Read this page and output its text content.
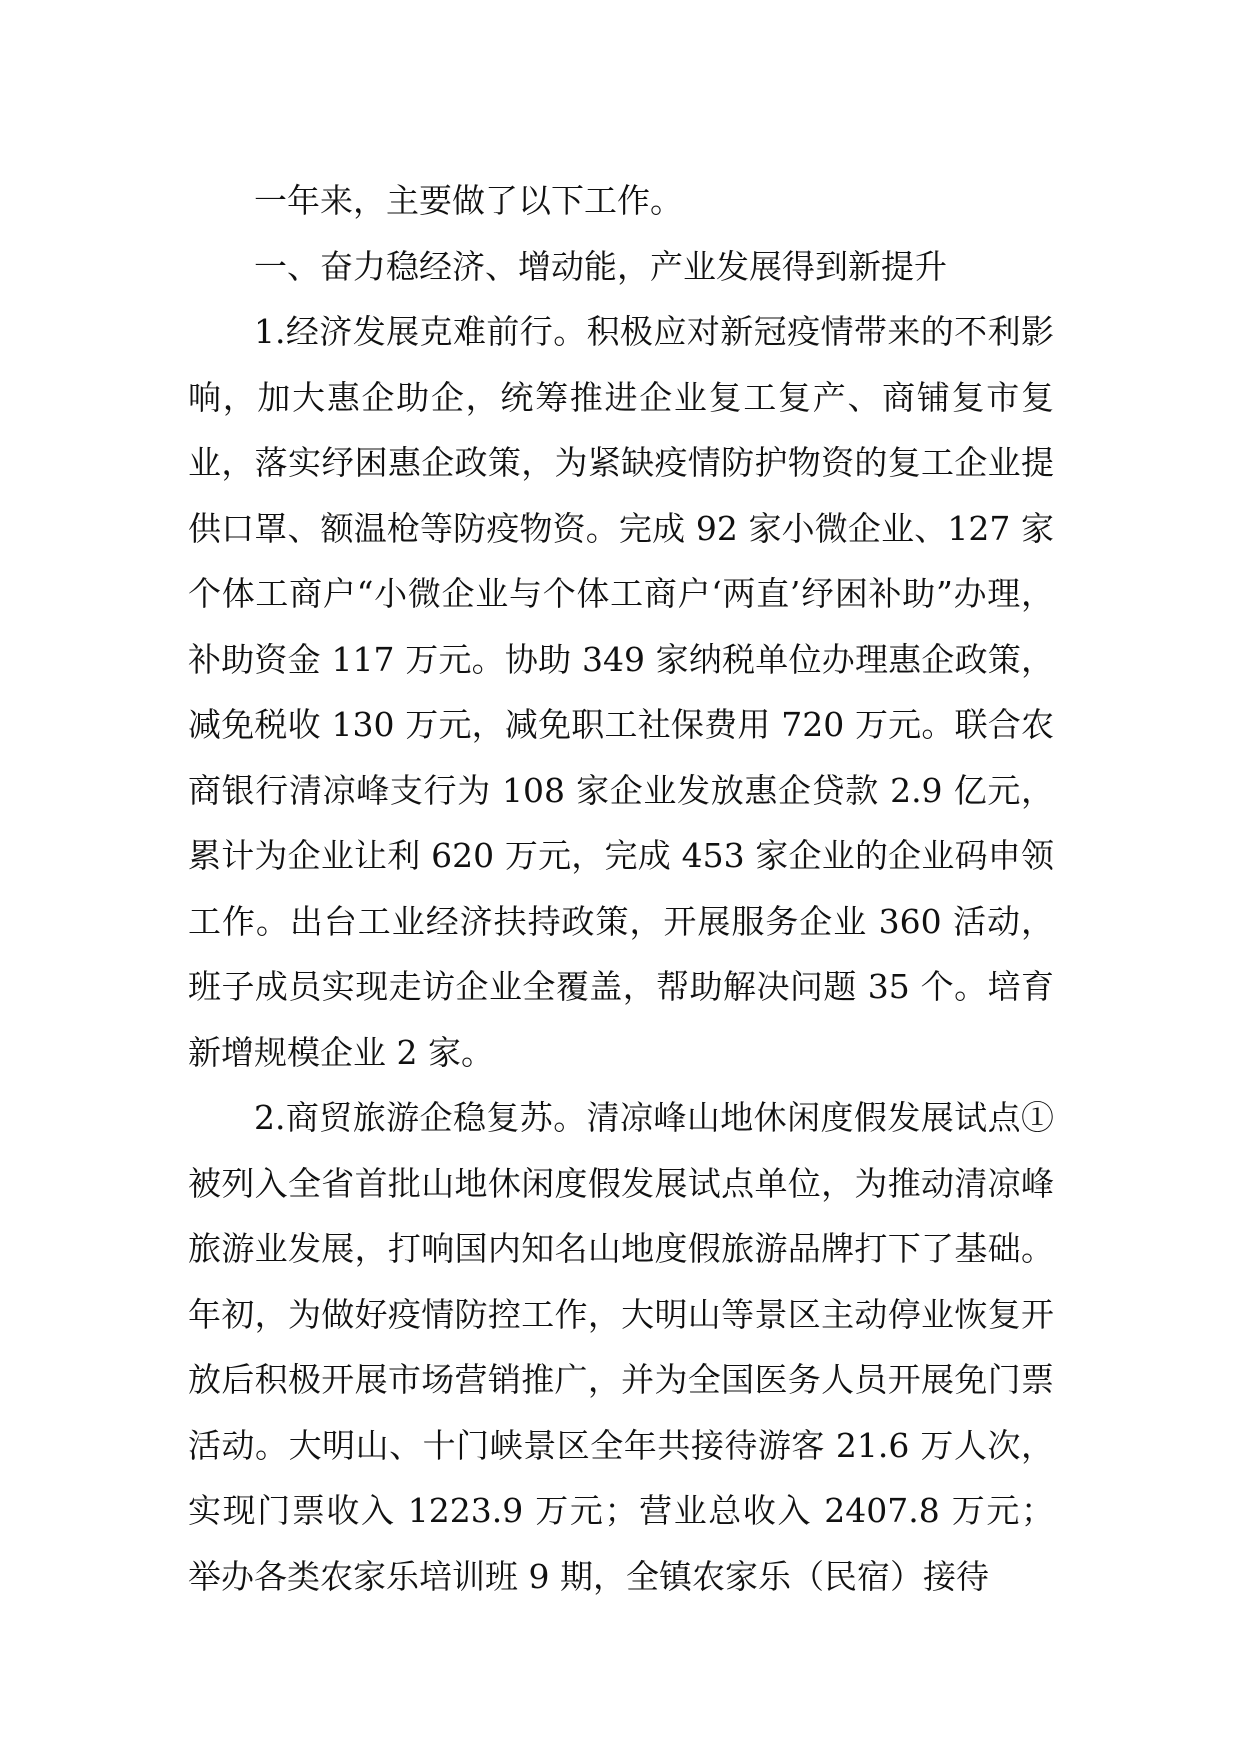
一年来，主要做了以下工作。

一、奋力稳经济、增动能，产业发展得到新提升

1.经济发展克难前行。积极应对新冠疫情带来的不利影响，加大惠企助企，统筹推进企业复工复产、商铺复市复业，落实纾困惠企政策，为紧缺疫情防护物资的复工企业提供口罩、额温枪等防疫物资。完成 92 家小微企业、127 家个体工商户“小微企业与个体工商户‘两直’纾困补助”办理，补助资金 117 万元。协助 349 家纳税单位办理惠企政策，减免税收 130 万元，减免职工社保费用 720 万元。联合农商银行清凉峰支行为 108 家企业发放惠企贷款 2.9 亿元，累计为企业让利 620 万元，完成 453 家企业的企业码申领工作。出台工业经济扶持政策，开展服务企业 360 活动，班子成员实现走访企业全覆盖，帮助解决问题 35 个。培育新增规模企业 2 家。

2.商贸旅游企稳复苏。清凉峰山地休闲度假发展试点①被列入全省首批山地休闲度假发展试点单位，为推动清凉峰旅游业发展，打响国内知名山地度假旅游品牌打下了基础。年初，为做好疫情防控工作，大明山等景区主动停业恢复开放后积极开展市场营销推广，并为全国医务人员开展免门票活动。大明山、十门峡景区全年共接待游客 21.6 万人次，实现门票收入 1223.9 万元；营业总收入 2407.8 万元；举办各类农家乐培训班 9 期，全镇农家乐（民宿）接待
